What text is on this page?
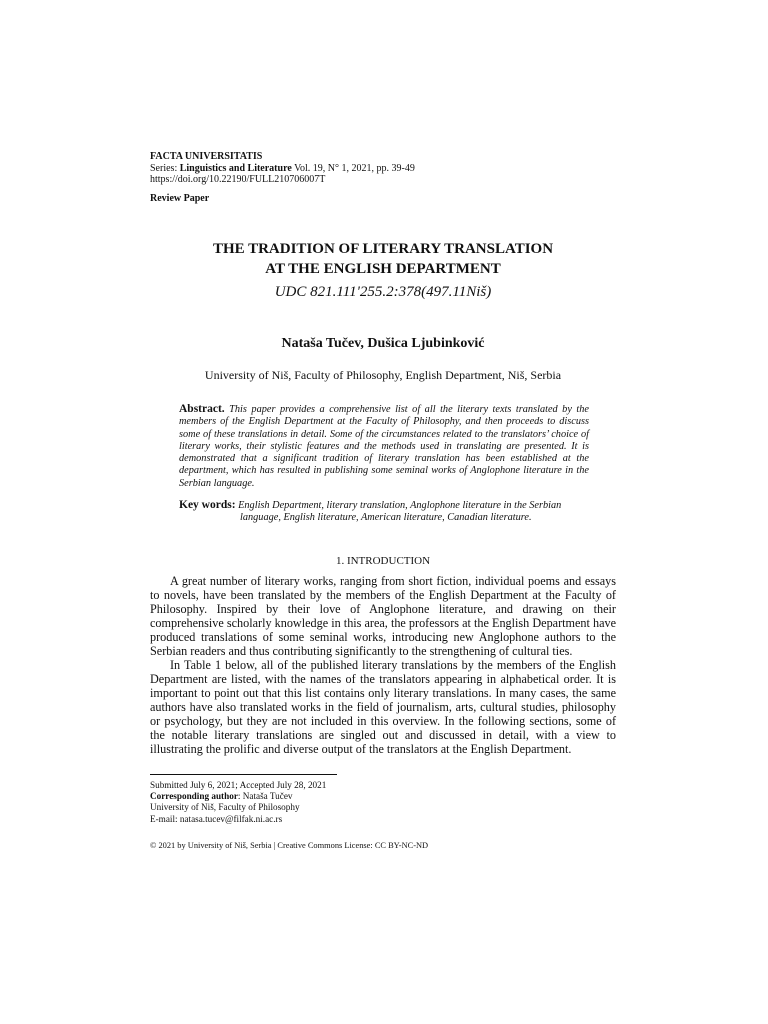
FACTA UNIVERSITATIS
Series: Linguistics and Literature Vol. 19, N° 1, 2021, pp. 39-49
https://doi.org/10.22190/FULL210706007T
Review Paper
THE TRADITION OF LITERARY TRANSLATION
AT THE ENGLISH DEPARTMENT
UDC 821.111'255.2:378(497.11Niš)
Nataša Tučev, Dušica Ljubinković
University of Niš, Faculty of Philosophy, English Department, Niš, Serbia
Abstract. This paper provides a comprehensive list of all the literary texts translated by the members of the English Department at the Faculty of Philosophy, and then proceeds to discuss some of these translations in detail. Some of the circumstances related to the translators’ choice of literary works, their stylistic features and the methods used in translating are presented. It is demonstrated that a significant tradition of literary translation has been established at the department, which has resulted in publishing some seminal works of Anglophone literature in the Serbian language.
Key words: English Department, literary translation, Anglophone literature in the Serbian
language, English literature, American literature, Canadian literature.
1. INTRODUCTION

A great number of literary works, ranging from short fiction, individual poems and essays to novels, have been translated by the members of the English Department at the Faculty of Philosophy. Inspired by their love of Anglophone literature, and drawing on their comprehensive scholarly knowledge in this area, the professors at the English Department have produced translations of some seminal works, introducing new Anglophone authors to the Serbian readers and thus contributing significantly to the strengthening of cultural ties.

In Table 1 below, all of the published literary translations by the members of the English Department are listed, with the names of the translators appearing in alphabetical order. It is important to point out that this list contains only literary translations. In many cases, the same authors have also translated works in the field of journalism, arts, cultural studies, philosophy or psychology, but they are not included in this overview. In the following sections, some of the notable literary translations are singled out and discussed in detail, with a view to illustrating the prolific and diverse output of the translators at the English Department.

Submitted July 6, 2021; Accepted July 28, 2021
Corresponding author: Nataša Tučev
University of Niš, Faculty of Philosophy
E-mail: natasa.tucev@filfak.ni.ac.rs
© 2021 by University of Niš, Serbia | Creative Commons License: CC BY-NC-ND
